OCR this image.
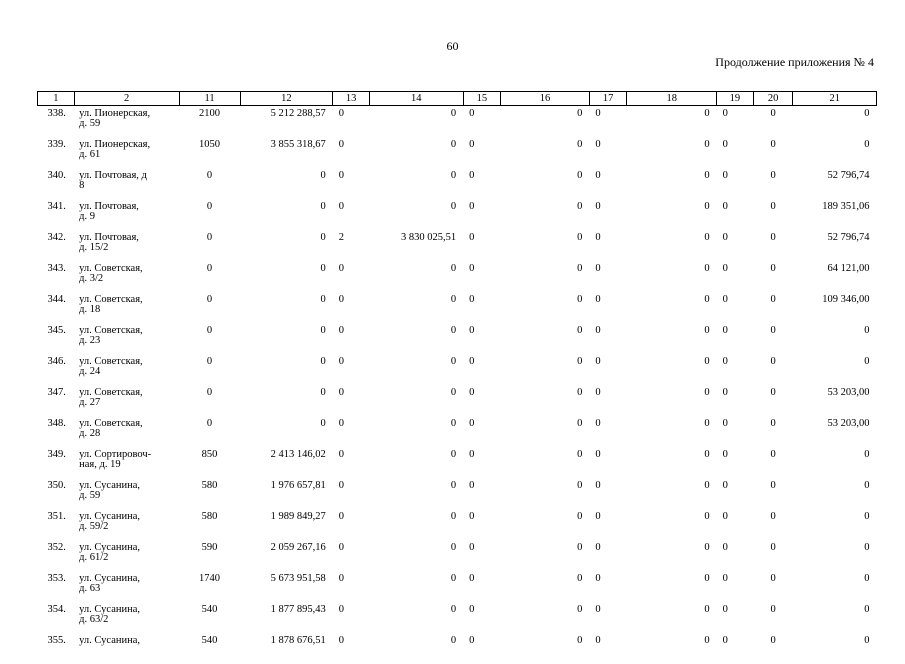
60
Продолжение приложения № 4
1	2	11	12	13	14	15	16	17	18	19	20	21
338.	ул. Пионерская,
д. 59	2100	5 212 288,57	0	0	0	0	0	0	0	0	0
339.	ул. Пионерская,
д. 61	1050	3 855 318,67	0	0	0	0	0	0	0	0	0
340.	ул. Почтовая, д
8	0	0	0	0	0	0	0	0	0	0	52 796,74
341.	ул. Почтовая,
д. 9	0	0	0	0	0	0	0	0	0	0	189 351,06
342.	ул. Почтовая,
д. 15/2	0	0	2	3 830 025,51	0	0	0	0	0	0	52 796,74
343.	ул. Советская,
д. 3/2	0	0	0	0	0	0	0	0	0	0	64 121,00
344.	ул. Советская,
д. 18	0	0	0	0	0	0	0	0	0	0	109 346,00
345.	ул. Советская,
д. 23	0	0	0	0	0	0	0	0	0	0	0
346.	ул. Советская,
д. 24	0	0	0	0	0	0	0	0	0	0	0
347.	ул. Советская,
д. 27	0	0	0	0	0	0	0	0	0	0	53 203,00
348.	ул. Советская,
д. 28	0	0	0	0	0	0	0	0	0	0	53 203,00
349.	ул. Сортировоч-
ная, д. 19	850	2 413 146,02	0	0	0	0	0	0	0	0	0
350.	ул. Сусанина,
д. 59	580	1 976 657,81	0	0	0	0	0	0	0	0	0
351.	ул. Сусанина,
д. 59/2	580	1 989 849,27	0	0	0	0	0	0	0	0	0
352.	ул. Сусанина,
д. 61/2	590	2 059 267,16	0	0	0	0	0	0	0	0	0
353.	ул. Сусанина,
д. 63	1740	5 673 951,58	0	0	0	0	0	0	0	0	0
354.	ул. Сусанина,
д. 63/2	540	1 877 895,43	0	0	0	0	0	0	0	0	0
355.	ул. Сусанина,	540	1 878 676,51	0	0	0	0	0	0	0	0	0
